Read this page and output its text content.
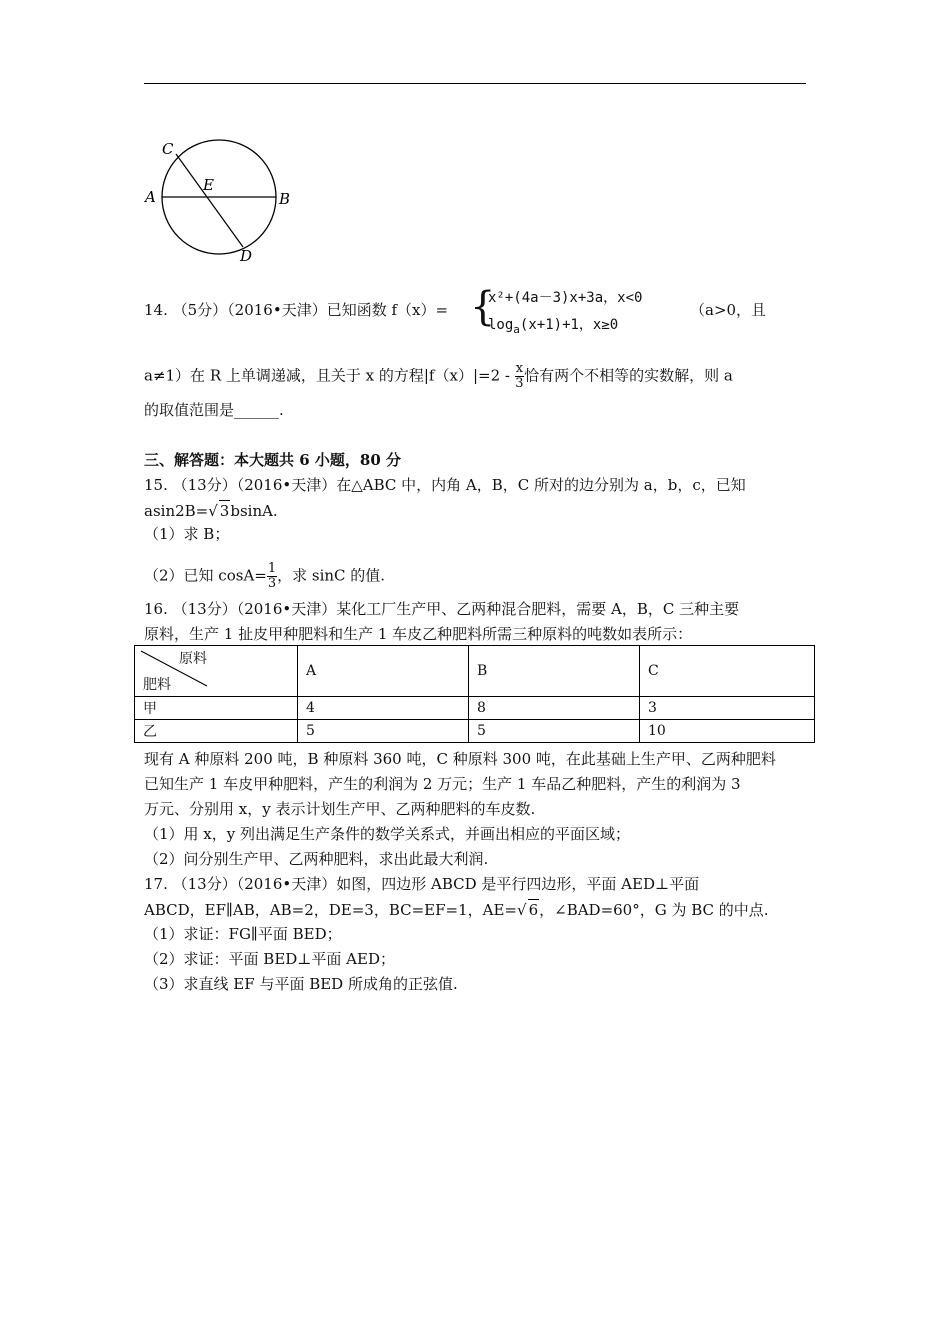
C
A
E
B
D
14. （5分）（2016•天津）已知函数 f（x）= {
x²+(4a－3)x+3a，x<0
$\log_a(x+1)+1$，x≥0
（a>0，且
a≠1）在 R 上单调递减，且关于 x 的方程$|f(x)|=2 - \frac{x}{3}$ 恰有两个不相等的实数解，则 a
的取值范围是______.
三、解答题：本大题共 6 小题，80 分
15. （13分）（2016•天津）在△ABC 中，内角 A，B，C 所对的边分别为 a，b，c，已知
asin2B=√ 3bsinA.
（1）求 B；
（2）已知 $\cos A= \frac{1}{3}$ ，求 sinC 的值.
16. （13分）（2016•天津）某化工厂生产甲、乙两种混合肥料，需要 A，B，C 三种主要
原料，生产 1 扯皮甲种肥料和生产 1 车皮乙种肥料所需三种原料的吨数如表所示：
原料
肥料	A	B	C
甲	4	8	3
乙	5	5	10
现有 A 种原料 200 吨，B 种原料 360 吨，C 种原料 300 吨，在此基础上生产甲、乙两种肥料
已知生产 1 车皮甲种肥料，产生的利润为 2 万元；生产 1 车品乙种肥料，产生的利润为 3
万元、分别用 x，y 表示计划生产甲、乙两种肥料的车皮数.
（1）用 x，y 列出满足生产条件的数学关系式，并画出相应的平面区域；
（2）问分别生产甲、乙两种肥料，求出此最大利润.
17. （13分）（2016•天津）如图，四边形 ABCD 是平行四边形，平面 AED⊥平面
ABCD，EF∥AB，AB=2，DE=3，BC=EF=1，AE=√ 6，∠BAD=60°，G 为 BC 的中点.
（1）求证：FG∥平面 BED；
（2）求证：平面 BED⊥平面 AED；
（3）求直线 EF 与平面 BED 所成角的正弦值.
